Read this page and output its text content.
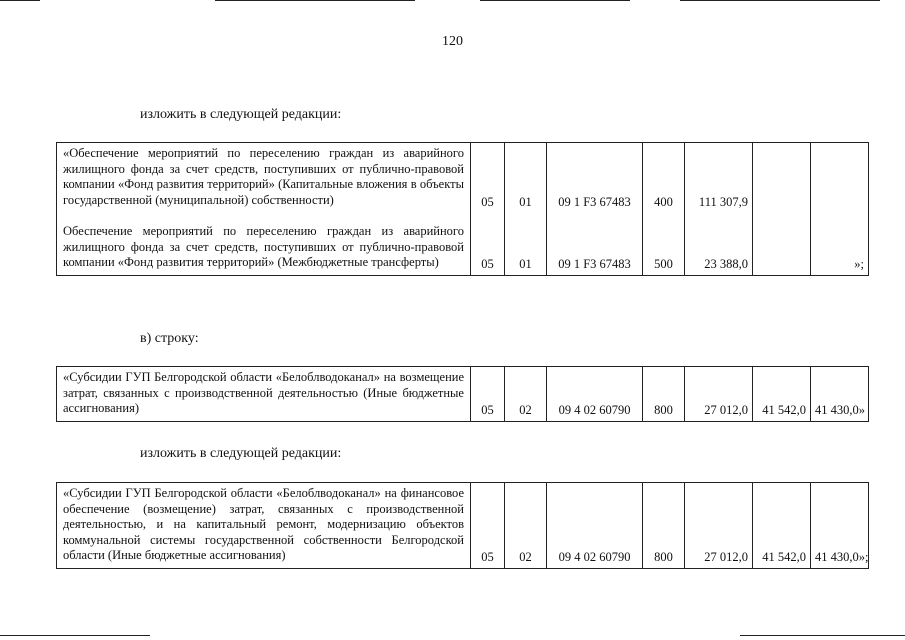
120
изложить в следующей редакции:
«Обеспечение мероприятий по переселению граждан из аварийного жилищного фонда за счет средств, поступивших от публично-правовой компании «Фонд развития территорий» (Капитальные вложения в объекты государственной (муниципальной) собственности)	05	01	09 1 F3 67483	400	111 307,9		

Обеспечение мероприятий по переселению граждан из аварийного жилищного фонда за счет средств, поступивших от публично-правовой компании «Фонд развития территорий» (Межбюджетные трансферты)	05	01	09 1 F3 67483	500	23 388,0		»;
в) строку:
«Субсидии ГУП Белгородской области «Белоблводоканал» на возмещение затрат, связанных с производственной деятельностью (Иные бюджетные ассигнования)	05	02	09 4 02 60790	800	27 012,0	41 542,0	41 430,0»
изложить в следующей редакции:
«Субсидии ГУП Белгородской области «Белоблводоканал» на финансовое обеспечение (возмещение) затрат, связанных с производственной деятельностью, и на капитальный ремонт, модернизацию объектов коммунальной системы государственной собственности Белгородской области (Иные бюджетные ассигнования)	05	02	09 4 02 60790	800	27 012,0	41 542,0	41 430,0»;
